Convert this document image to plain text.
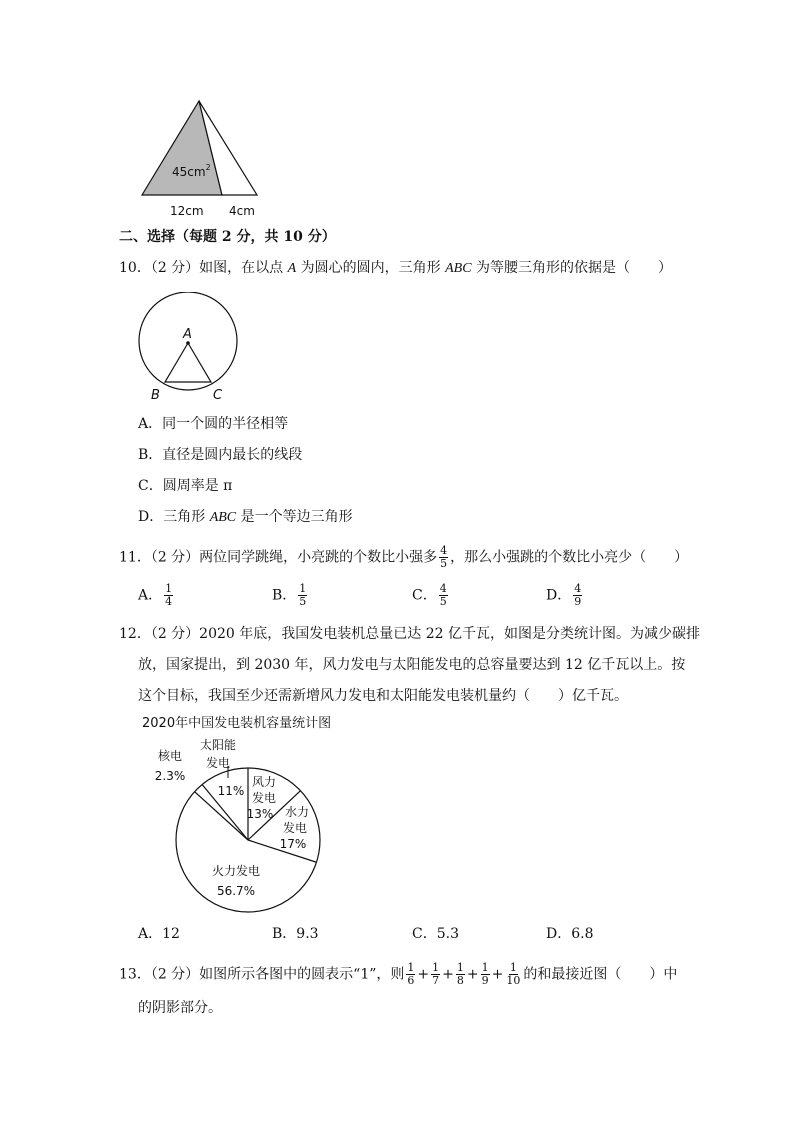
$45cm^2$
12cm 4cm
二、选择（每题 2 分，共 10 分）
10．（2 分）如图，在以点 A 为圆心的圆内，三角形 ABC 为等腰三角形的依据是（　　）
A
B	C
A．同一个圆的半径相等
B．直径是圆内最长的线段
C．圆周率是 π
D．三角形 ABC 是一个等边三角形
11．（2 分）两位同学跳绳，小亮跳的个数比小强多 $\frac{4}{5}$ ，那么小强跳的个数比小亮少（　　）
A． $\frac{1}{4}$	B． $\frac{1}{5}$	C． $\frac{4}{5}$	D． $\frac{4}{9}$
12．（2 分）2020 年底，我国发电装机总量已达 22 亿千瓦，如图是分类统计图。为减少碳排
放，国家提出，到 2030 年，风力发电与太阳能发电的总容量要达到 12 亿千瓦以上。按
这个目标，我国至少还需新增风力发电和太阳能发电装机量约（　　）亿千瓦。
2020年中国发电装机容量统计图
核电
2.3%
太阳能
发电
11%
风力
发电
13% 水力
发电
17%
火力发电
56.7%
A．12	B．9.3	C．5.3	D．6.8
13．（2 分）如图所示各图中的圆表示“1”，则 $\frac{1}{6} + \frac{1}{7} + \frac{1}{8} + \frac{1}{9} + \frac{1}{10}$ 的和最接近图（　　）中
的阴影部分。
